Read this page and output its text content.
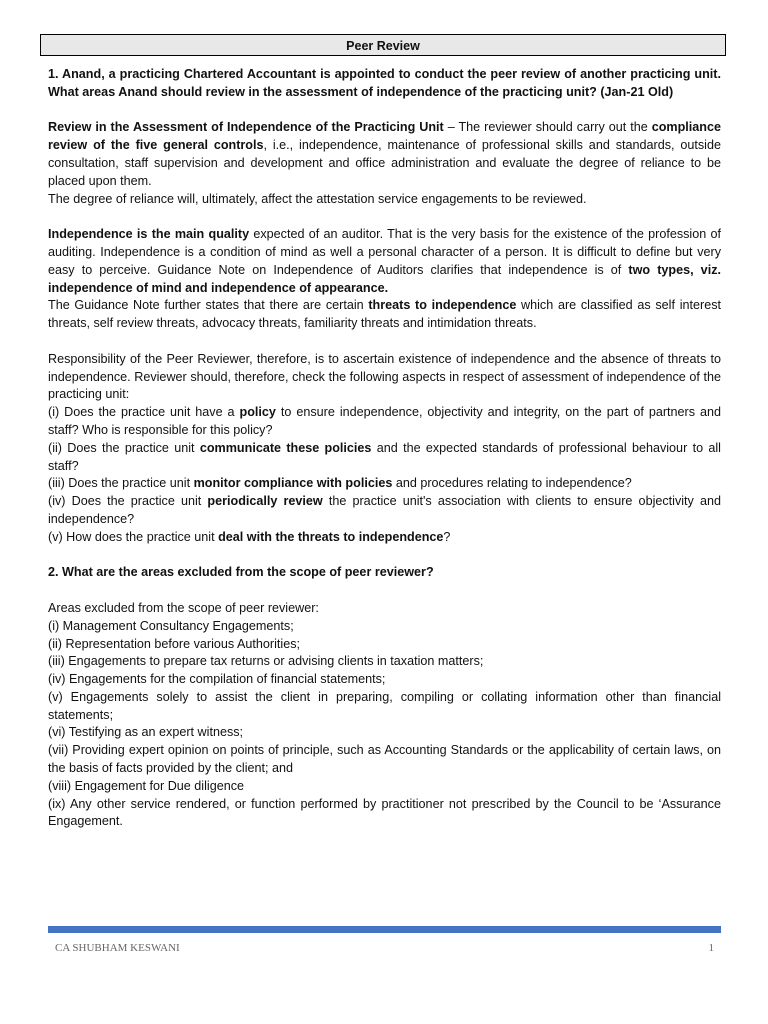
Peer Review

1. Anand, a practicing Chartered Accountant is appointed to conduct the peer review of another practicing unit. What areas Anand should review in the assessment of independence of the practicing unit? (Jan-21 Old)

Review in the Assessment of Independence of the Practicing Unit – The reviewer should carry out the compliance review of the five general controls, i.e., independence, maintenance of professional skills and standards, outside consultation, staff supervision and development and office administration and evaluate the degree of reliance to be placed upon them.

The degree of reliance will, ultimately, affect the attestation service engagements to be reviewed.

Independence is the main quality expected of an auditor. That is the very basis for the existence of the profession of auditing. Independence is a condition of mind as well a personal character of a person. It is difficult to define but very easy to perceive. Guidance Note on Independence of Auditors clarifies that independence is of two types, viz. independence of mind and independence of appearance.

The Guidance Note further states that there are certain threats to independence which are classified as self interest threats, self review threats, advocacy threats, familiarity threats and intimidation threats.

Responsibility of the Peer Reviewer, therefore, is to ascertain existence of independence and the absence of threats to independence. Reviewer should, therefore, check the following aspects in respect of assessment of independence of the practicing unit:

(i) Does the practice unit have a policy to ensure independence, objectivity and integrity, on the part of partners and staff? Who is responsible for this policy?

(ii) Does the practice unit communicate these policies and the expected standards of professional behaviour to all staff?

(iii) Does the practice unit monitor compliance with policies and procedures relating to independence?

(iv) Does the practice unit periodically review the practice unit's association with clients to ensure objectivity and independence?

(v) How does the practice unit deal with the threats to independence?

2. What are the areas excluded from the scope of peer reviewer?

Areas excluded from the scope of peer reviewer:

(i) Management Consultancy Engagements;

(ii) Representation before various Authorities;

(iii) Engagements to prepare tax returns or advising clients in taxation matters;

(iv) Engagements for the compilation of financial statements;

(v) Engagements solely to assist the client in preparing, compiling or collating information other than financial statements;

(vi) Testifying as an expert witness;

(vii) Providing expert opinion on points of principle, such as Accounting Standards or the applicability of certain laws, on the basis of facts provided by the client; and

(viii) Engagement for Due diligence

(ix) Any other service rendered, or function performed by practitioner not prescribed by the Council to be ‘Assurance Engagement.

CA SHUBHAM KESWANI	1
